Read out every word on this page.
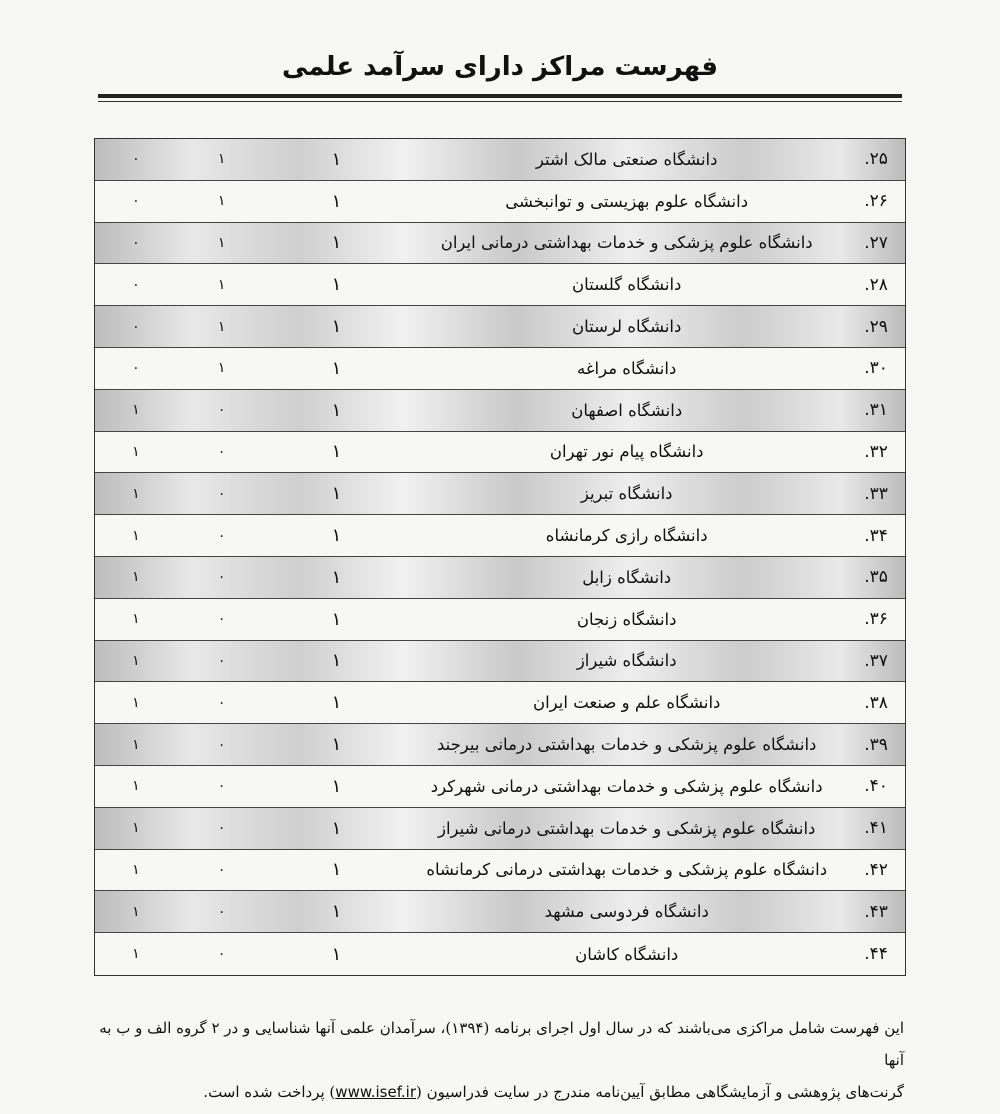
فهرست مراکز دارای سرآمد علمی
۲۵.
دانشگاه صنعتی مالک اشتر
۱
۱
۰
۲۶.
دانشگاه علوم بهزیستی و توانبخشی
۱
۱
۰
۲۷.
دانشگاه علوم پزشکی و خدمات بهداشتی درمانی ایران
۱
۱
۰
۲۸.
دانشگاه گلستان
۱
۱
۰
۲۹.
دانشگاه لرستان
۱
۱
۰
۳۰.
دانشگاه مراغه
۱
۱
۰
۳۱.
دانشگاه اصفهان
۱
۰
۱
۳۲.
دانشگاه پیام نور تهران
۱
۰
۱
۳۳.
دانشگاه تبریز
۱
۰
۱
۳۴.
دانشگاه رازی کرمانشاه
۱
۰
۱
۳۵.
دانشگاه زابل
۱
۰
۱
۳۶.
دانشگاه زنجان
۱
۰
۱
۳۷.
دانشگاه شیراز
۱
۰
۱
۳۸.
دانشگاه علم و صنعت ایران
۱
۰
۱
۳۹.
دانشگاه علوم پزشکی و خدمات بهداشتی درمانی بیرجند
۱
۰
۱
۴۰.
دانشگاه علوم پزشکی و خدمات بهداشتی درمانی شهرکرد
۱
۰
۱
۴۱.
دانشگاه علوم پزشکی و خدمات بهداشتی درمانی شیراز
۱
۰
۱
۴۲.
دانشگاه علوم پزشکی و خدمات بهداشتی درمانی کرمانشاه
۱
۰
۱
۴۳.
دانشگاه فردوسی مشهد
۱
۰
۱
۴۴.
دانشگاه کاشان
۱
۰
۱
این فهرست شامل مراکزی می‌باشند که در سال اول اجرای برنامه (۱۳۹۴)، سرآمدان علمی آنها شناسایی و در ۲ گروه الف و ب به آنها
گرنت‌های پژوهشی و آزمایشگاهی مطابق آیین‌نامه مندرج در سایت فدراسیون (www.isef.ir) پرداخت شده است.
